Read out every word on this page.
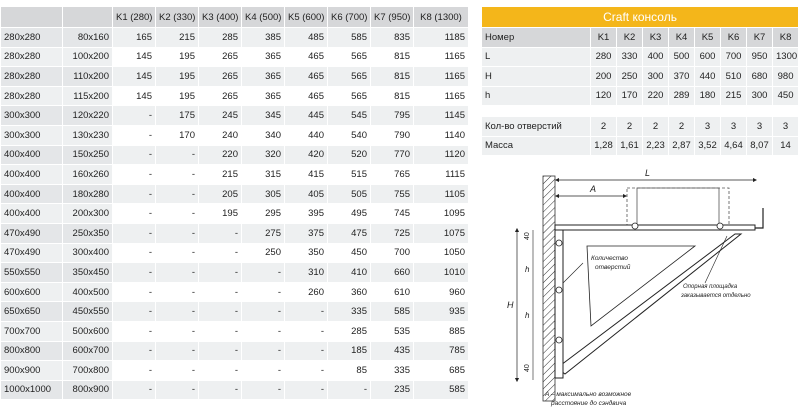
		K1 (280)	K2 (330)	K3 (400)	K4 (500)	K5 (600)	K6 (700)	K7 (950)	K8 (1300)
280x280	80x160	165	215	285	385	485	585	835	1185
280x280	100x200	145	195	265	365	465	565	815	1165
280x280	110x200	145	195	265	365	465	565	815	1165
280x280	115x200	145	195	265	365	465	565	815	1165
300x300	120x220	-	175	245	345	445	545	795	1145
300x300	130x230	-	170	240	340	440	540	790	1140
400x400	150x250	-	-	220	320	420	520	770	1120
400x400	160x260	-	-	215	315	415	515	765	1115
400x400	180x280	-	-	205	305	405	505	755	1105
400x400	200x300	-	-	195	295	395	495	745	1095
470x490	250x350	-	-	-	275	375	475	725	1075
470x490	300x400	-	-	-	250	350	450	700	1050
550x550	350x450	-	-	-	-	310	410	660	1010
600x600	400x500	-	-	-	-	260	360	610	960
650x650	450x550	-	-	-	-	-	335	585	935
700x700	500x600	-	-	-	-	-	285	535	885
800x800	600x700	-	-	-	-	-	185	435	785
900x900	700x800	-	-	-	-	-	85	335	685
1000x1000	800x900	-	-	-	-	-	-	235	585
Craft консоль								
Номер	K1	K2	K3	K4	K5	K6	K7	K8
L	280	330	400	500	600	700	950	1300
H	200	250	300	370	440	510	680	980
h	120	170	220	289	180	215	300	450

Кол-во отверстий	2	2	2	2	3	3	3	3
Масса	1,28	1,61	2,23	2,87	3,52	4,64	8,07	14
L
A
H
40
h
h
40
Количество
отверстий
Опорная площадка
заказывается отдельно
A – максимально возможное
расстояние до сэндвича
